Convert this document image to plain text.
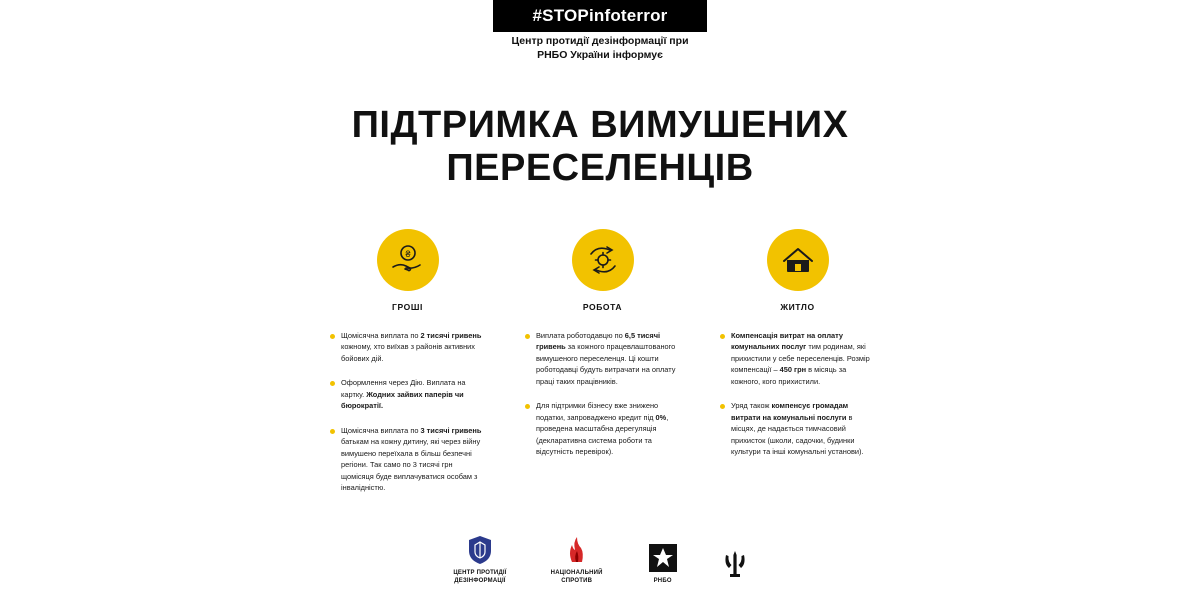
#STOPinfoterror
Центр протидії дезінформації при
РНБО України інформує
ПІДТРИМКА ВИМУШЕНИХ
ПЕРЕСЕЛЕНЦІВ
₴
ГРОШІ
Щомісячна виплата по 2 тисячі гривень кожному, хто виїхав з районів активних бойових дій.
Оформлення через Дію. Виплата на картку. Жодних зайвих паперів чи бюрократії.
Щомісячна виплата по 3 тисячі гривень батькам на кожну дитину, які через війну вимушено переїхала в більш безпечні регіони. Так само по 3 тисячі грн щомісяця буде виплачуватися особам з інвалідністю.
РОБОТА
Виплата роботодавцю по 6,5 тисячі гривень за кожного працевлаштованого вимушеного переселенця. Ці кошти роботодавці будуть витрачати на оплату праці таких працівників.
Для підтримки бізнесу вже знижено податки, запроваджено кредит під 0%, проведена масштабна дерегуляція (декларативна система роботи та відсутність перевірок).
ЖИТЛО
Компенсація витрат на оплату комунальних послуг тим родинам, які прихистили у себе переселенців. Розмір компенсації – 450 грн в місяць за кожного, кого прихистили.
Уряд також компенсує громадам витрати на комунальні послуги в місцях, де надається тимчасовий прихисток (школи, садочки, будинки культури та інші комунальні установи).
ЦЕНТР ПРОТИДІЇ
ДЕЗІНФОРМАЦІЇ
НАЦІОНАЛЬНИЙ
СПРОТИВ	РНБО
